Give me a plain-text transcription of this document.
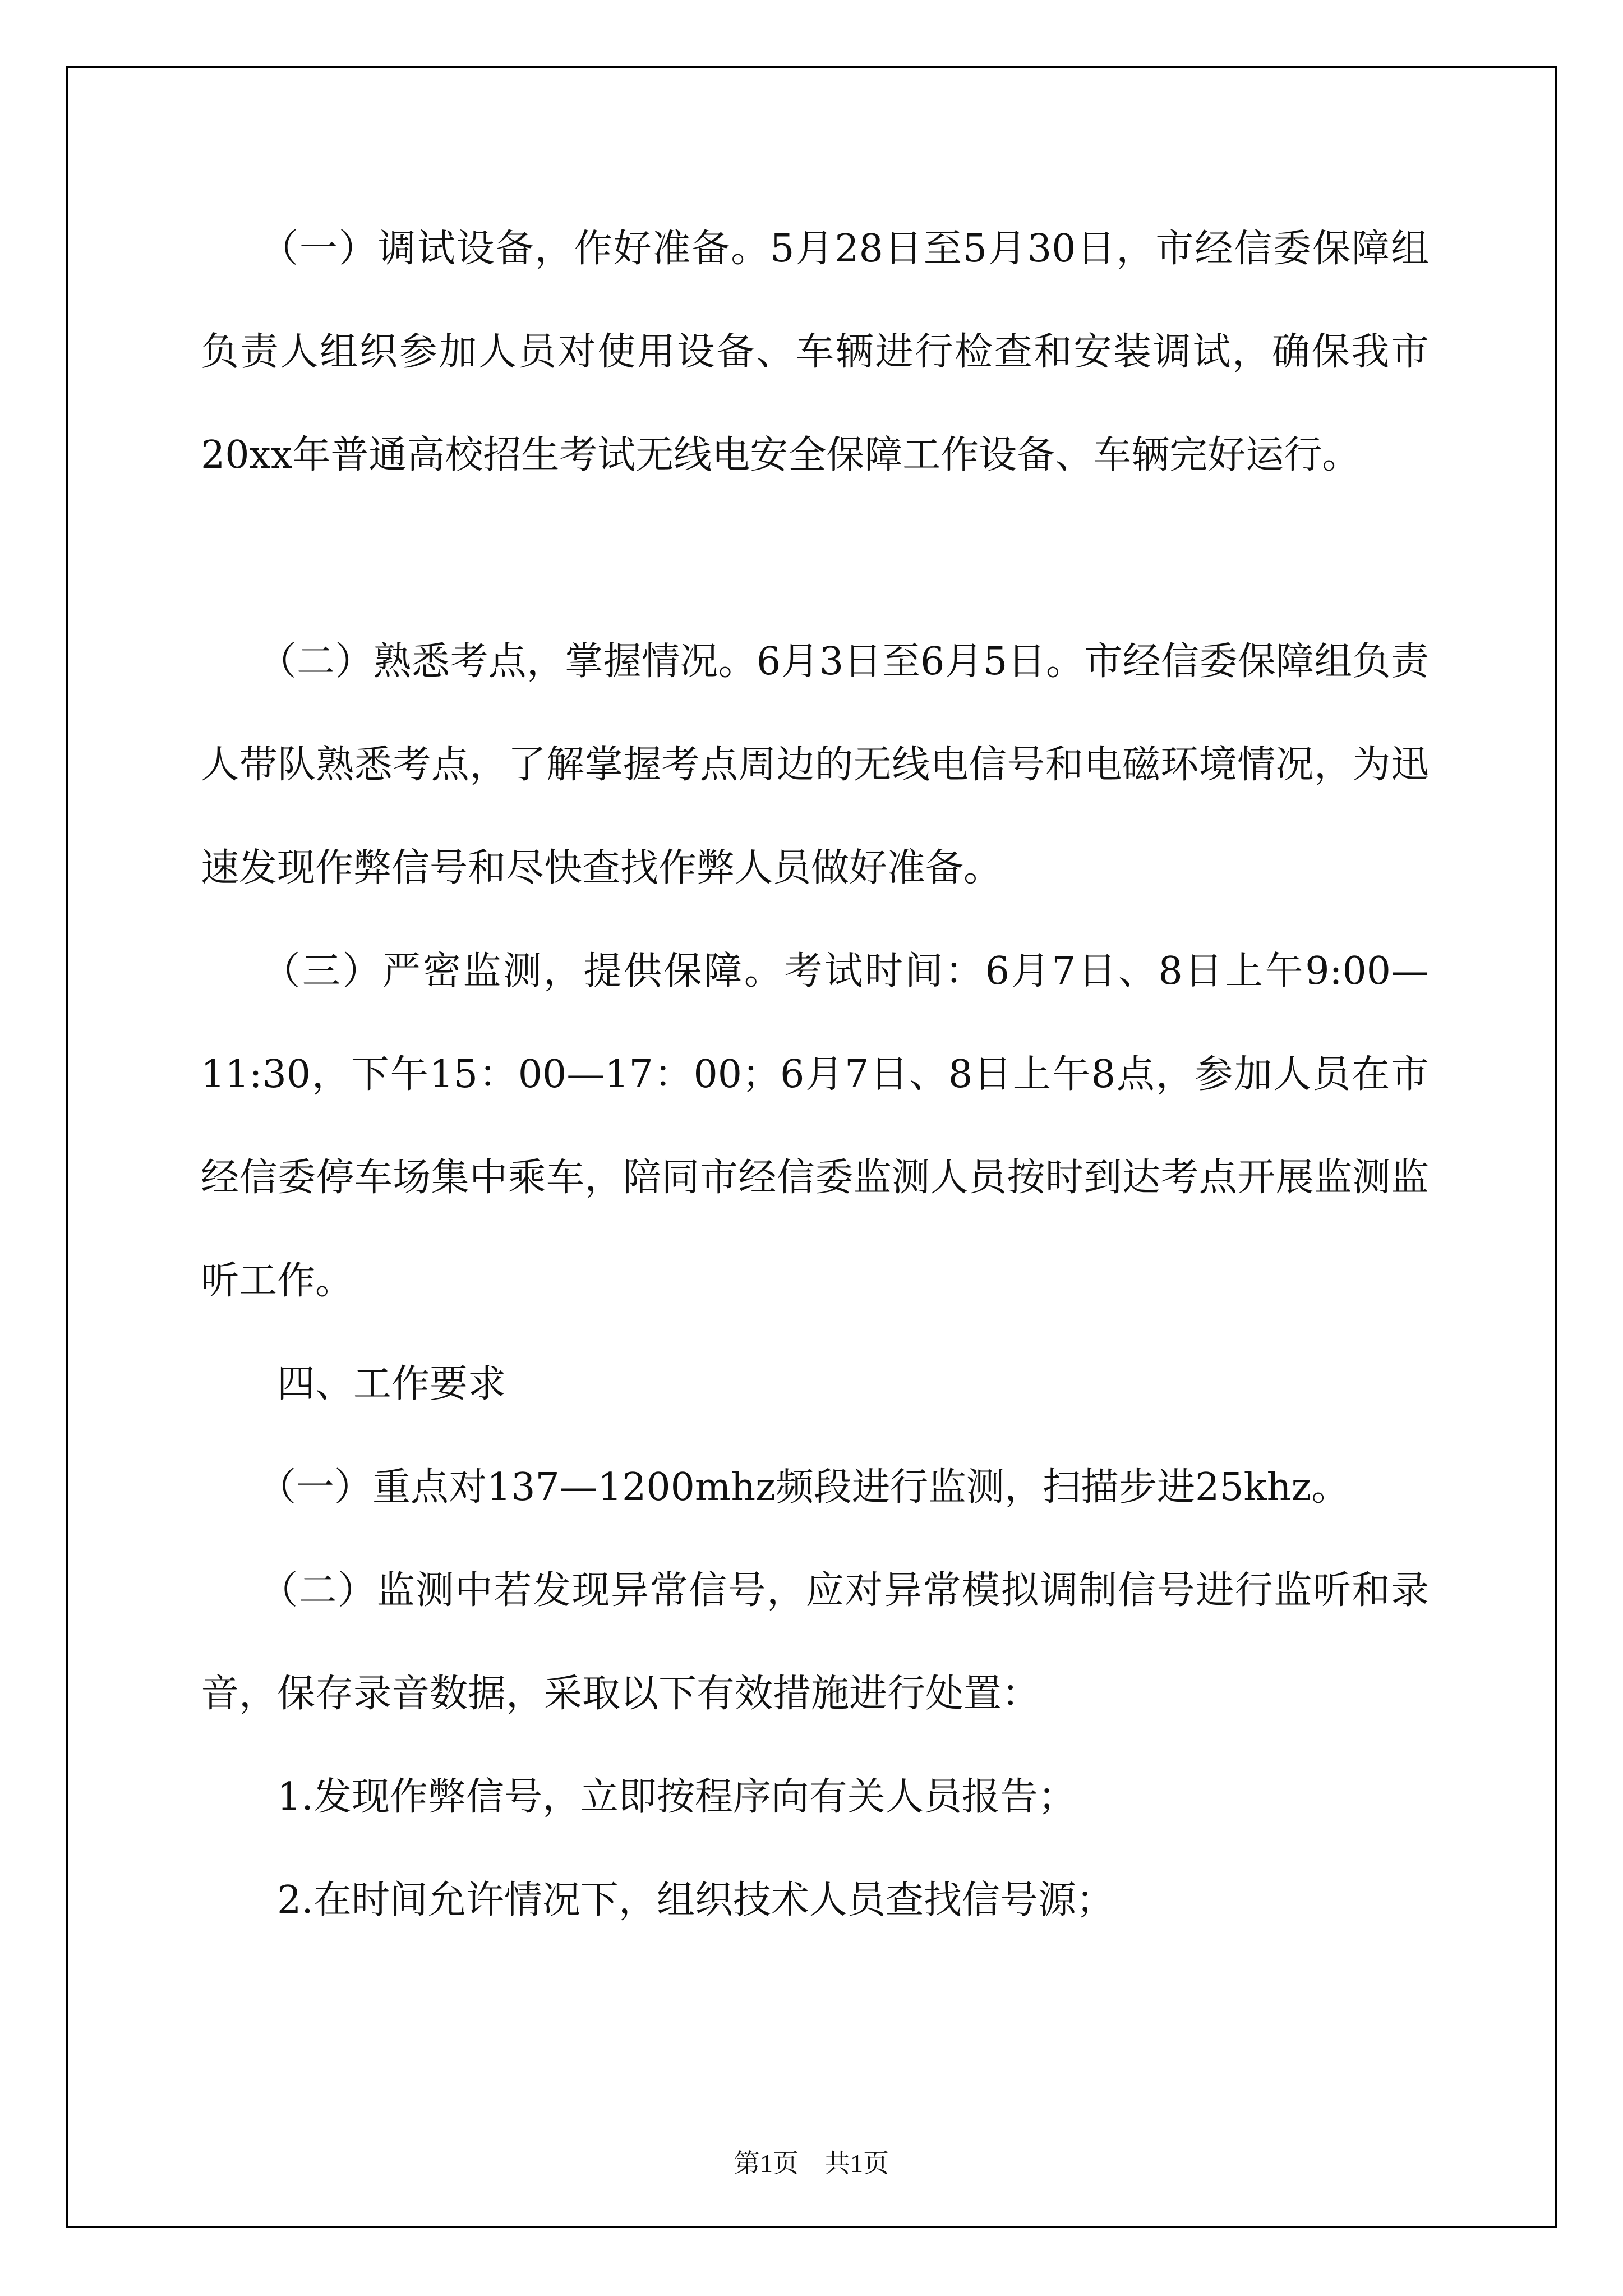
　　（一）调试设备，作好准备。5月28日至5月30日，市经信委保障组负责人组织参加人员对使用设备、车辆进行检查和安装调试，确保我市20xx年普通高校招生考试无线电安全保障工作设备、车辆完好运行。

　　（二）熟悉考点，掌握情况。6月3日至6月5日。市经信委保障组负责人带队熟悉考点，了解掌握考点周边的无线电信号和电磁环境情况，为迅速发现作弊信号和尽快查找作弊人员做好准备。

　　（三）严密监测，提供保障。考试时间：6月7日、8日上午9:00—11:30，下午15：00—17：00；6月7日、8日上午8点，参加人员在市经信委停车场集中乘车，陪同市经信委监测人员按时到达考点开展监测监听工作。

　　四、工作要求

　　（一）重点对137—1200mhz频段进行监测，扫描步进25khz。

　　（二）监测中若发现异常信号，应对异常模拟调制信号进行监听和录音，保存录音数据，采取以下有效措施进行处置：

　　1.发现作弊信号，立即按程序向有关人员报告；

　　2.在时间允许情况下，组织技术人员查找信号源；

第1页　共1页
